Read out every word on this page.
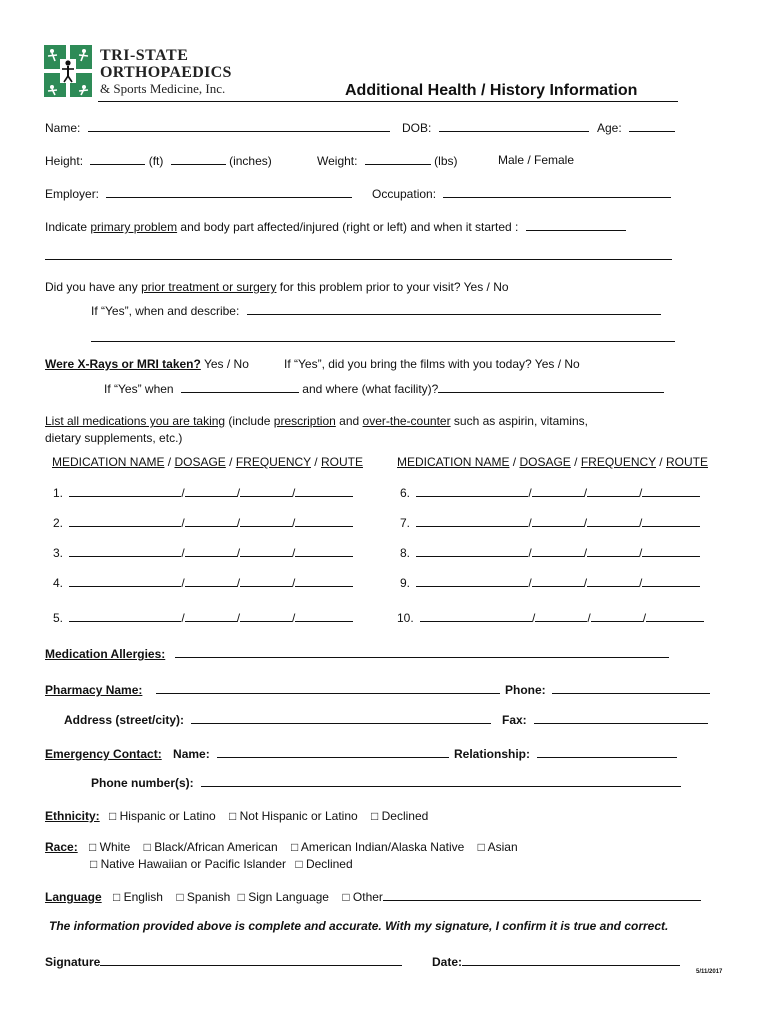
TRI-STATE
ORTHOPAEDICS
& Sports Medicine, Inc.	Additional Health / History Information
Name:	DOB:	Age:
Height:	(ft)	(inches)	Weight:	(lbs)	Male / Female
Employer:	Occupation:
Indicate primary problem and body part affected/injured (right or left) and when it started :
Did you have any prior treatment or surgery for this problem prior to your visit? Yes / No
If “Yes”, when and describe:
Were X-Rays or MRI taken? Yes / No	If “Yes”, did you bring the films with you today? Yes / No
If “Yes” when	and where (what facility)?
List all medications you are taking (include prescription and over-the-counter such as aspirin, vitamins,
dietary supplements, etc.)
MEDICATION NAME / DOSAGE / FREQUENCY / ROUTE	MEDICATION NAME / DOSAGE / FREQUENCY / ROUTE
1.	/	/	/
2.	/	/	/
3.	/	/	/
4.	/	/	/
5.	/	/	/
6.	/	/	/
7.	/	/	/
8.	/	/	/
9.	/	/	/
10.	/	/	/
Medication Allergies:
Pharmacy Name:	Phone:
Address (street/city):	Fax:
Emergency Contact: Name:	Relationship:
Phone number(s):
Ethnicity: □ Hispanic or Latino □ Not Hispanic or Latino □ Declined
Race: □ White □ Black/African American □ American Indian/Alaska Native □ Asian
□ Native Hawaiian or Pacific Islander □ Declined
Language □ English □ Spanish □ Sign Language □ Other
The information provided above is complete and accurate. With my signature, I confirm it is true and correct.
Signature	Date:
5/11/2017
